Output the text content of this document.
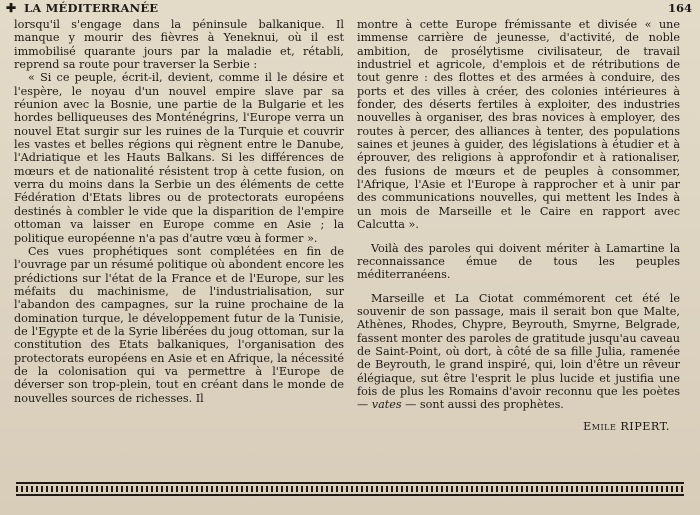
✚ LA MÉDITERRANÉE	164

lorsqu'il s'engage dans la péninsule balkanique. Il manque y mourir des fièvres à Yeneknui, où il est immobilisé quarante jours par la maladie et, rétabli, reprend sa route pour traverser la Serbie :

« Si ce peuple, écrit-il, devient, comme il le désire et l'espère, le noyau d'un nouvel empire slave par sa réunion avec la Bosnie, une partie de la Bulgarie et les hordes belliqueuses des Monténégrins, l'Europe verra un nouvel Etat surgir sur les ruines de la Turquie et couvrir les vastes et belles régions qui règnent entre le Danube, l'Adriatique et les Hauts Balkans. Si les différences de mœurs et de nationalité résistent trop à cette fusion, on verra du moins dans la Serbie un des éléments de cette Fédération d'Etats libres ou de protectorats européens destinés à combler le vide que la disparition de l'empire ottoman va laisser en Europe comme en Asie ; la politique européenne n'a pas d'autre vœu à former ».

Ces vues prophétiques sont complétées en fin de l'ouvrage par un résumé politique où abondent encore les prédictions sur l'état de la France et de l'Europe, sur les méfaits du machinisme, de l'industrialisation, sur l'abandon des campagnes, sur la ruine prochaine de la domination turque, le développement futur de la Tunisie, de l'Egypte et de la Syrie libérées du joug ottoman, sur la constitution des Etats balkaniques, l'organisation des protectorats européens en Asie et en Afrique, la nécessité de la colonisation qui va permettre à l'Europe de déverser son trop-plein, tout en créant dans le monde de nouvelles sources de richesses. Il

montre à cette Europe frémissante et divisée « une immense carrière de jeunesse, d'activité, de noble ambition, de prosélytisme civilisateur, de travail industriel et agricole, d'emplois et de rétributions de tout genre : des flottes et des armées à conduire, des ports et des villes à créer, des colonies intérieures à fonder, des déserts fertiles à exploiter, des industries nouvelles à organiser, des bras novices à employer, des routes à percer, des alliances à tenter, des populations saines et jeunes à guider, des législations à étudier et à éprouver, des religions à approfondir et à rationaliser, des fusions de mœurs et de peuples à consommer, l'Afrique, l'Asie et l'Europe à rapprocher et à unir par des communications nouvelles, qui mettent les Indes à un mois de Marseille et le Caire en rapport avec Calcutta ».

Voilà des paroles qui doivent mériter à Lamartine la reconnaissance émue de tous les peuples méditerranéens.

Marseille et La Ciotat commémorent cet été le souvenir de son passage, mais il serait bon que Malte, Athènes, Rhodes, Chypre, Beyrouth, Smyrne, Belgrade, fassent monter des paroles de gratitude jusqu'au caveau de Saint-Point, où dort, à côté de sa fille Julia, ramenée de Beyrouth, le grand inspiré, qui, loin d'être un rêveur élégiaque, sut être l'esprit le plus lucide et justifia une fois de plus les Romains d'avoir reconnu que les poètes — vates — sont aussi des prophètes.

Emile RIPERT.
